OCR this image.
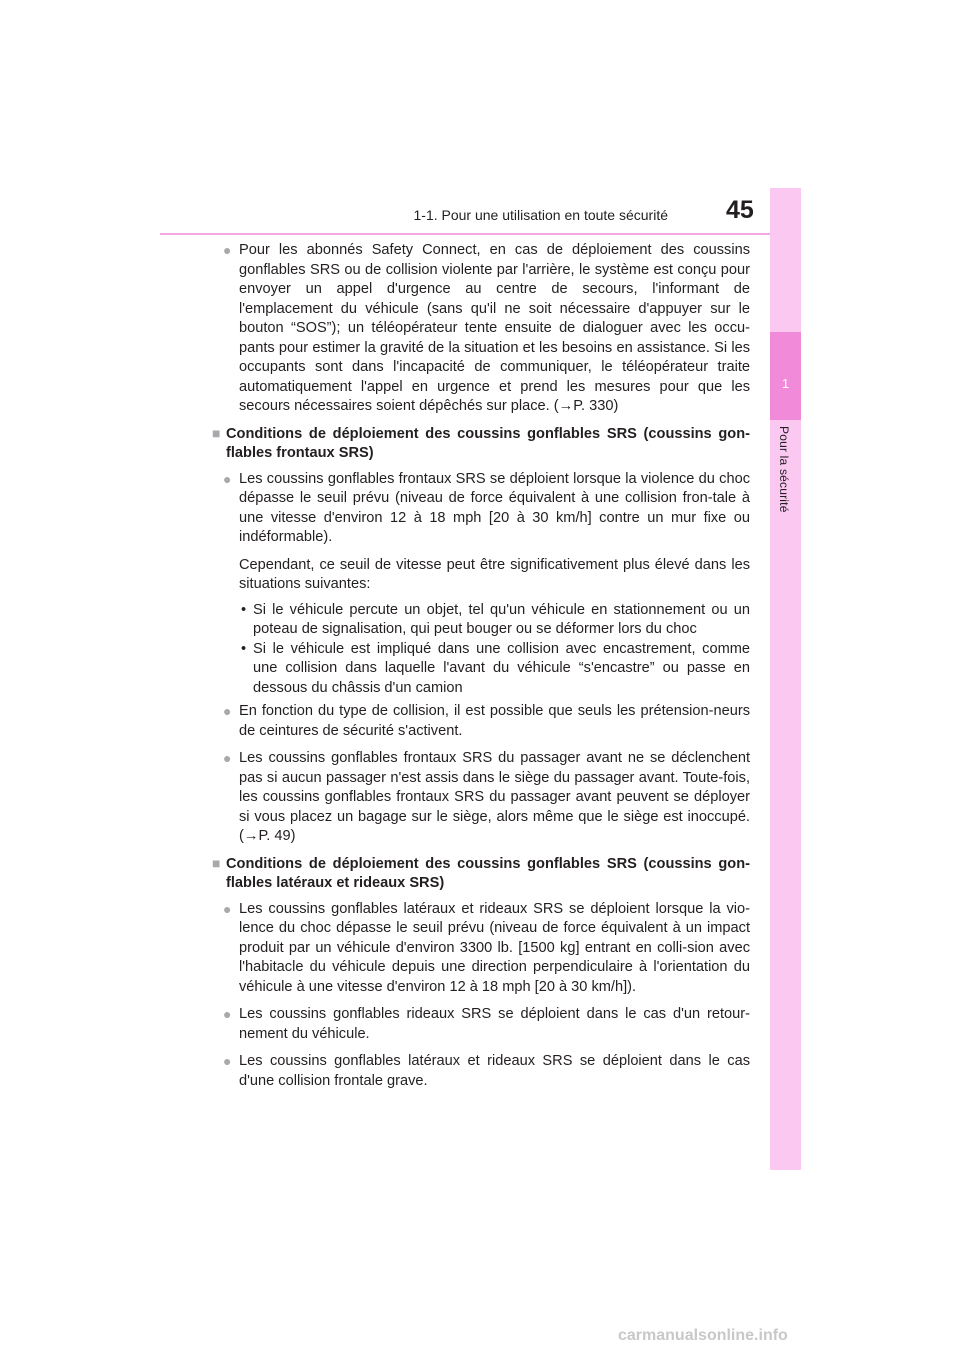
1-1. Pour une utilisation en toute sécurité 45
1
Pour la sécurité
● Pour les abonnés Safety Connect, en cas de déploiement des coussins gonflables SRS ou de collision violente par l'arrière, le système est conçu pour envoyer un appel d'urgence au centre de secours, l'informant de l'emplacement du véhicule (sans qu'il ne soit nécessaire d'appuyer sur le bouton “SOS”); un téléopérateur tente ensuite de dialoguer avec les occu-pants pour estimer la gravité de la situation et les besoins en assistance. Si les occupants sont dans l'incapacité de communiquer, le téléopérateur traite automatiquement l'appel en urgence et prend les mesures pour que les secours nécessaires soient dépêchés sur place. (→P. 330)
■ Conditions de déploiement des coussins gonflables SRS (coussins gon-flables frontaux SRS)
● Les coussins gonflables frontaux SRS se déploient lorsque la violence du choc dépasse le seuil prévu (niveau de force équivalent à une collision fron-tale à une vitesse d'environ 12 à 18 mph [20 à 30 km/h] contre un mur fixe ou indéformable).
Cependant, ce seuil de vitesse peut être significativement plus élevé dans les situations suivantes:
• Si le véhicule percute un objet, tel qu'un véhicule en stationnement ou un poteau de signalisation, qui peut bouger ou se déformer lors du choc
• Si le véhicule est impliqué dans une collision avec encastrement, comme une collision dans laquelle l'avant du véhicule “s'encastre” ou passe en dessous du châssis d'un camion
● En fonction du type de collision, il est possible que seuls les prétension-neurs de ceintures de sécurité s'activent.
● Les coussins gonflables frontaux SRS du passager avant ne se déclenchent pas si aucun passager n'est assis dans le siège du passager avant. Toute-fois, les coussins gonflables frontaux SRS du passager avant peuvent se déployer si vous placez un bagage sur le siège, alors même que le siège est inoccupé. (→P. 49)
■ Conditions de déploiement des coussins gonflables SRS (coussins gon-flables latéraux et rideaux SRS)
● Les coussins gonflables latéraux et rideaux SRS se déploient lorsque la vio-lence du choc dépasse le seuil prévu (niveau de force équivalent à un impact produit par un véhicule d'environ 3300 lb. [1500 kg] entrant en colli-sion avec l'habitacle du véhicule depuis une direction perpendiculaire à l'orientation du véhicule à une vitesse d'environ 12 à 18 mph [20 à 30 km/h]).
● Les coussins gonflables rideaux SRS se déploient dans le cas d'un retour-nement du véhicule.
● Les coussins gonflables latéraux et rideaux SRS se déploient dans le cas d'une collision frontale grave.
carmanualsonline.info
